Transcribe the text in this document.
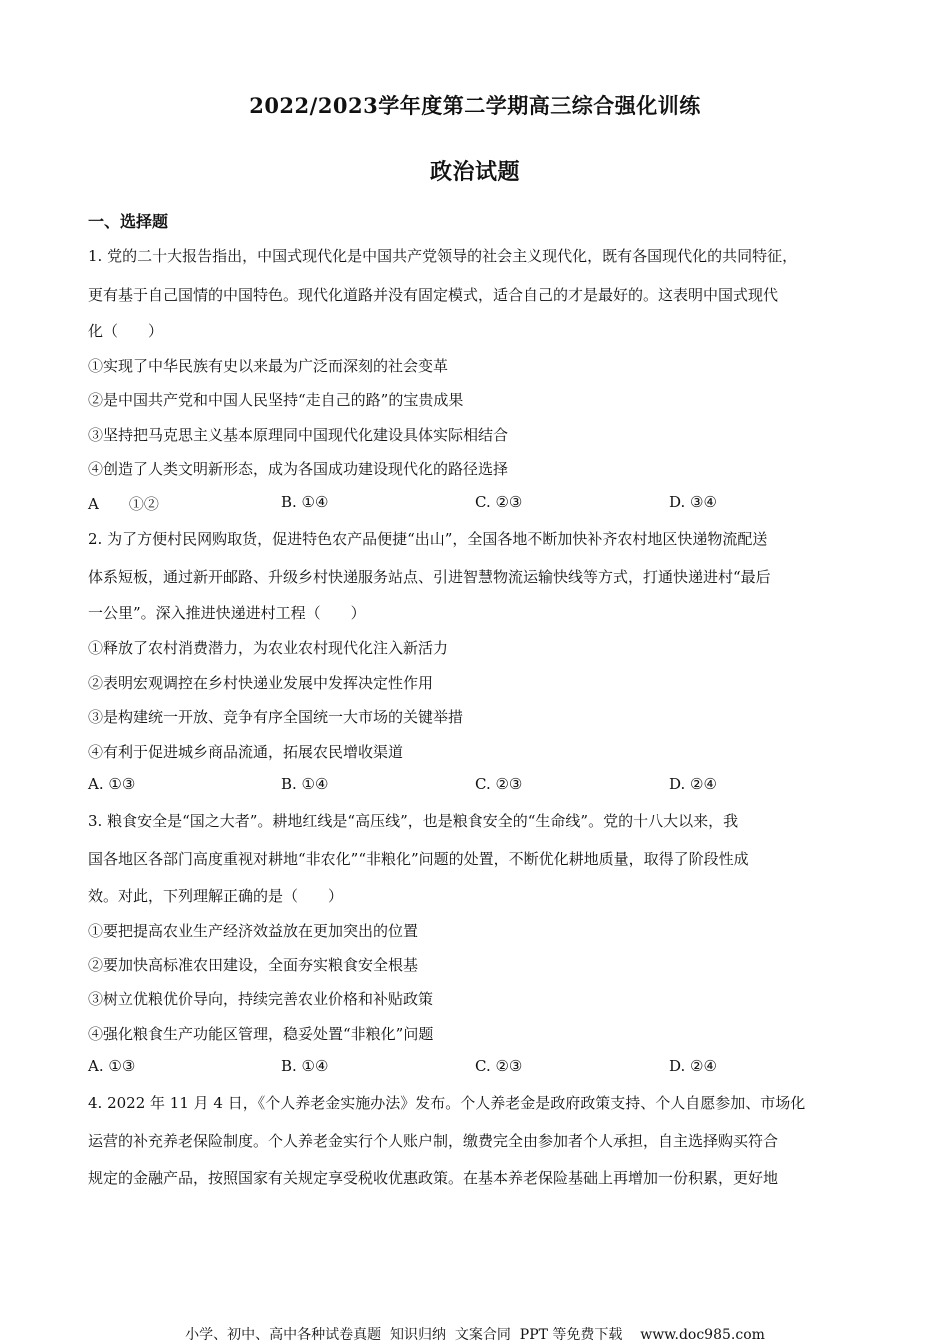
2022/2023学年度第二学期高三综合强化训练
政治试题
一、选择题
1. 党的二十大报告指出，中国式现代化是中国共产党领导的社会主义现代化，既有各国现代化的共同特征，
更有基于自己国情的中国特色。现代化道路并没有固定模式，适合自己的才是最好的。这表明中国式现代
化（　　）
①实现了中华民族有史以来最为广泛而深刻的社会变革
②是中国共产党和中国人民坚持“走自己的路”的宝贵成果
③坚持把马克思主义基本原理同中国现代化建设具体实际相结合
④创造了人类文明新形态，成为各国成功建设现代化的路径选择
A　　①②	B. ①④	C. ②③	D. ③④
2. 为了方便村民网购取货，促进特色农产品便捷“出山”，全国各地不断加快补齐农村地区快递物流配送
体系短板，通过新开邮路、升级乡村快递服务站点、引进智慧物流运输快线等方式，打通快递进村“最后
一公里”。深入推进快递进村工程（　　）
①释放了农村消费潜力，为农业农村现代化注入新活力
②表明宏观调控在乡村快递业发展中发挥决定性作用
③是构建统一开放、竞争有序全国统一大市场的关键举措
④有利于促进城乡商品流通，拓展农民增收渠道
A. ①③	B. ①④	C. ②③	D. ②④
3. 粮食安全是“国之大者”。耕地红线是“高压线”，也是粮食安全的“生命线”。党的十八大以来，我
国各地区各部门高度重视对耕地“非农化”“非粮化”问题的处置，不断优化耕地质量，取得了阶段性成
效。对此，下列理解正确的是（　　）
①要把提高农业生产经济效益放在更加突出的位置
②要加快高标准农田建设，全面夯实粮食安全根基
③树立优粮优价导向，持续完善农业价格和补贴政策
④强化粮食生产功能区管理，稳妥处置“非粮化”问题
A. ①③	B. ①④	C. ②③	D. ②④
4. 2022 年 11 月 4 日，《个人养老金实施办法》发布。个人养老金是政府政策支持、个人自愿参加、市场化
运营的补充养老保险制度。个人养老金实行个人账户制，缴费完全由参加者个人承担，自主选择购买符合
规定的金融产品，按照国家有关规定享受税收优惠政策。在基本养老保险基础上再增加一份积累，更好地
小学、初中、高中各种试卷真题  知识归纳  文案合同  PPT 等免费下载    www.doc985.com
